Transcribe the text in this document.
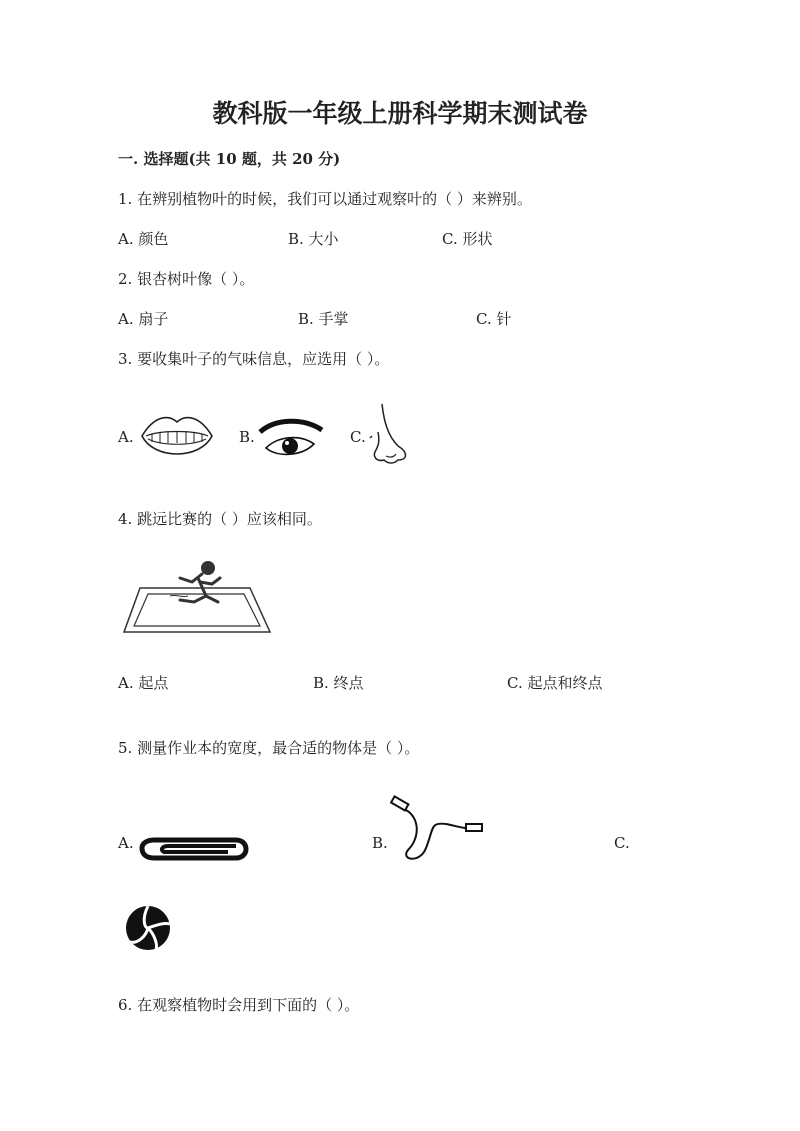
教科版一年级上册科学期末测试卷
一. 选择题(共 10 题，共 20 分)
1. 在辨别植物叶的时候，我们可以通过观察叶的（ ）来辨别。
A. 颜色	B. 大小	C. 形状
2. 银杏树叶像（ ）。
A. 扇子	B. 手掌	C. 针
3. 要收集叶子的气味信息，应选用（ ）。
A.	B.	C.
4. 跳远比赛的（ ）应该相同。
A. 起点	B. 终点	C. 起点和终点
5. 测量作业本的宽度，最合适的物体是（ ）。
A.	B.	C.
6. 在观察植物时会用到下面的（ ）。
